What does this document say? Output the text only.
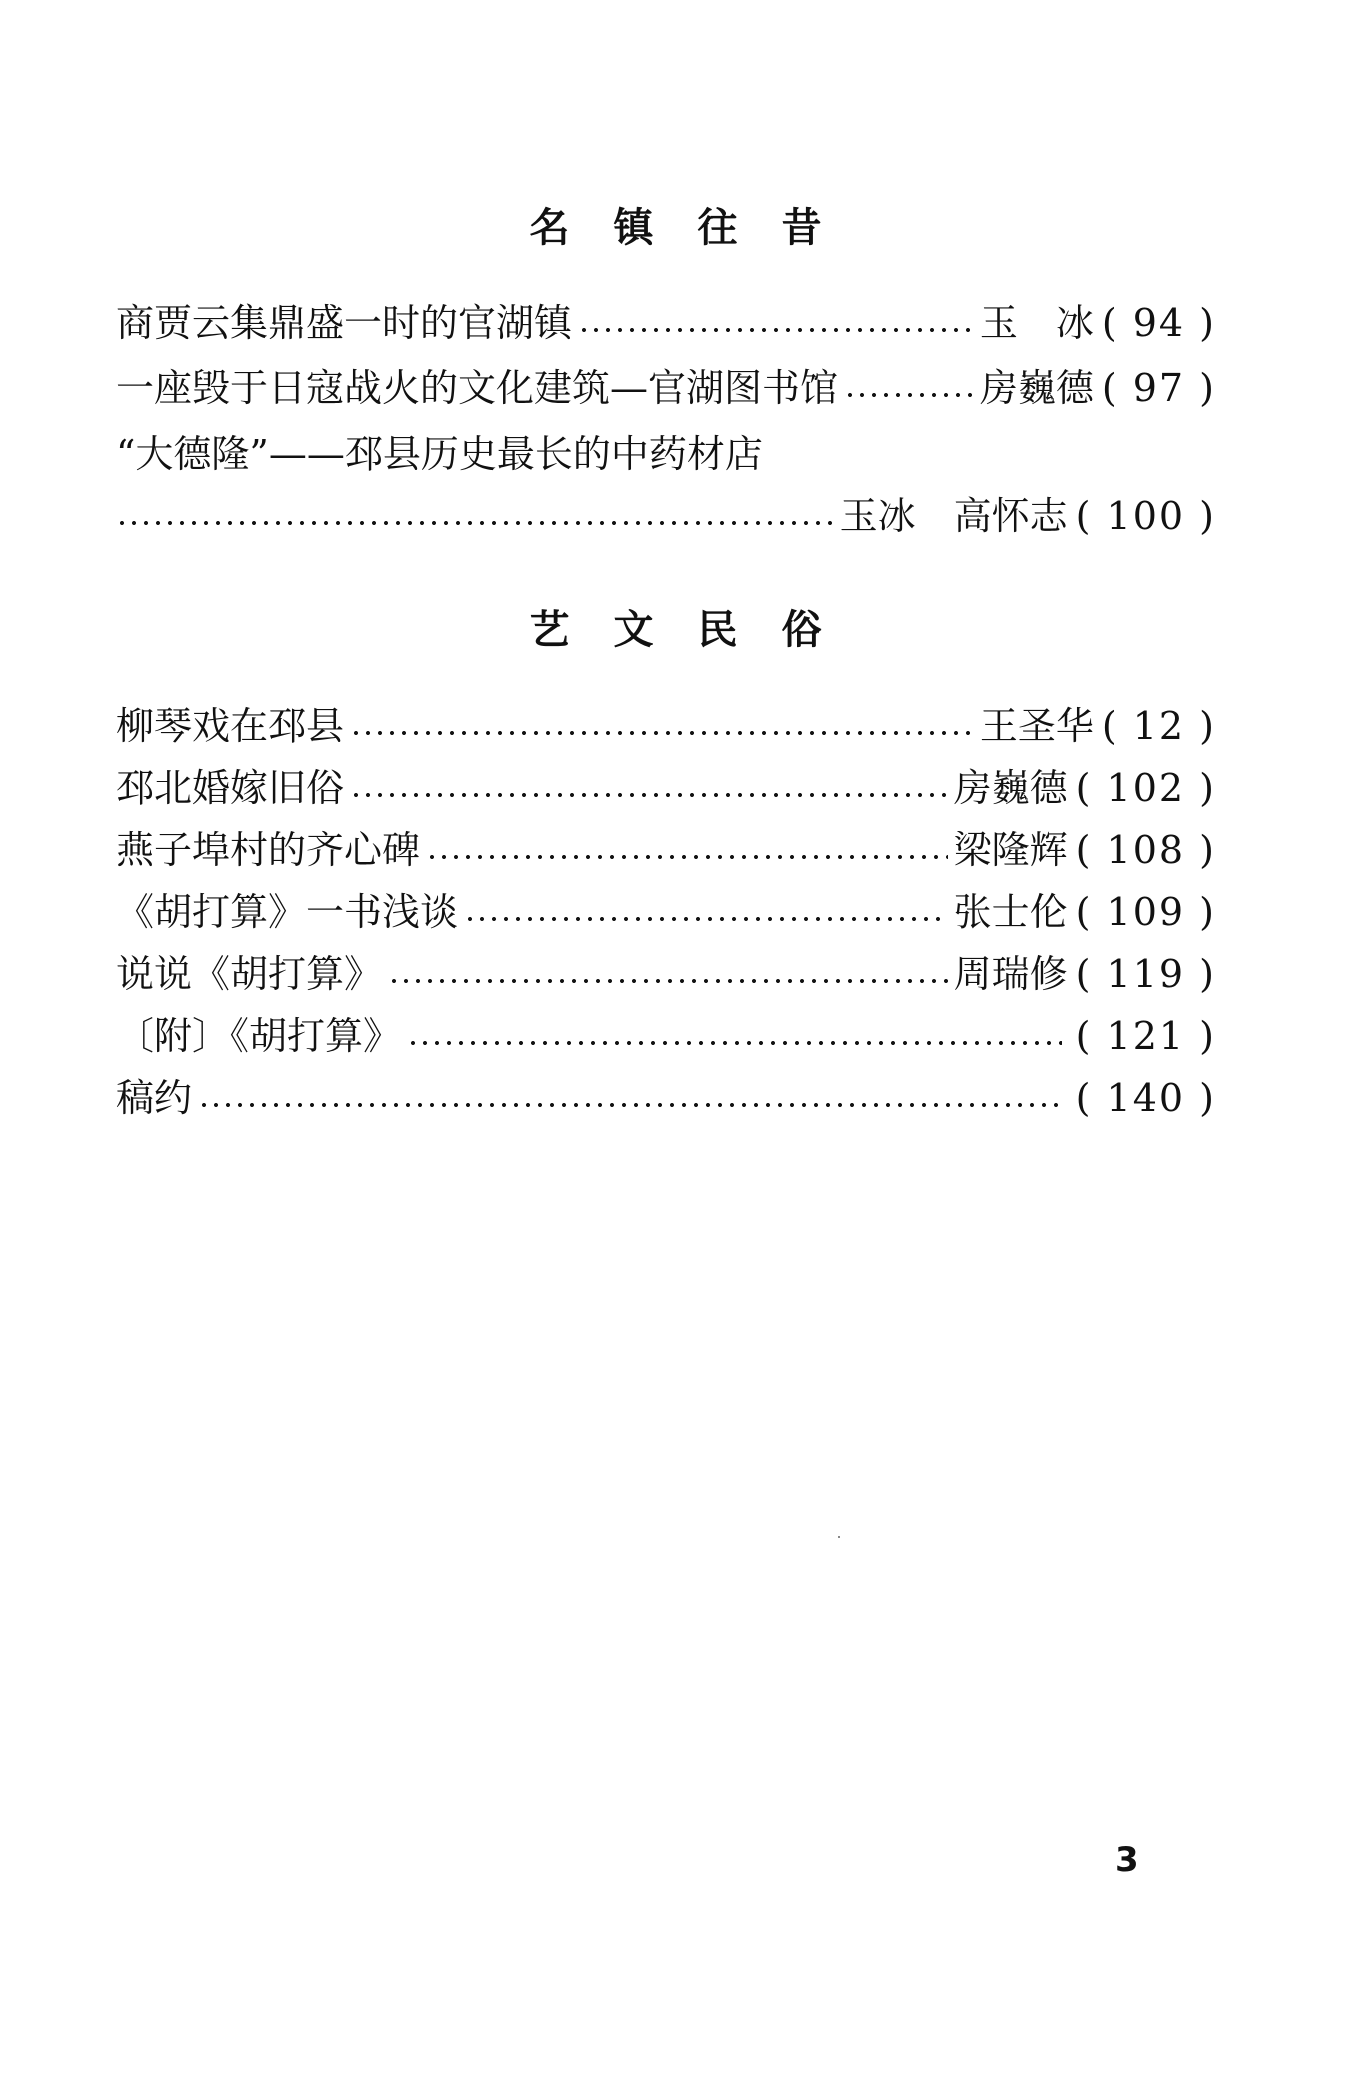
名镇往昔
商贾云集鼎盛一时的官湖镇	玉　冰 ( 94 )
一座毁于日寇战火的文化建筑—官湖图书馆	房巍德 ( 97 )
“大德隆”——邳县历史最长的中药材店
玉冰　高怀志 ( 100 )
艺文民俗
柳琴戏在邳县	王圣华 ( 12 )
邳北婚嫁旧俗	房巍德 ( 102 )
燕子埠村的齐心碑	梁隆辉 ( 108 )
《胡打算》一书浅谈	张士伦 ( 109 )
说说《胡打算》	周瑞修 ( 119 )
〔附〕《胡打算》	( 121 )
稿约	( 140 )
3
